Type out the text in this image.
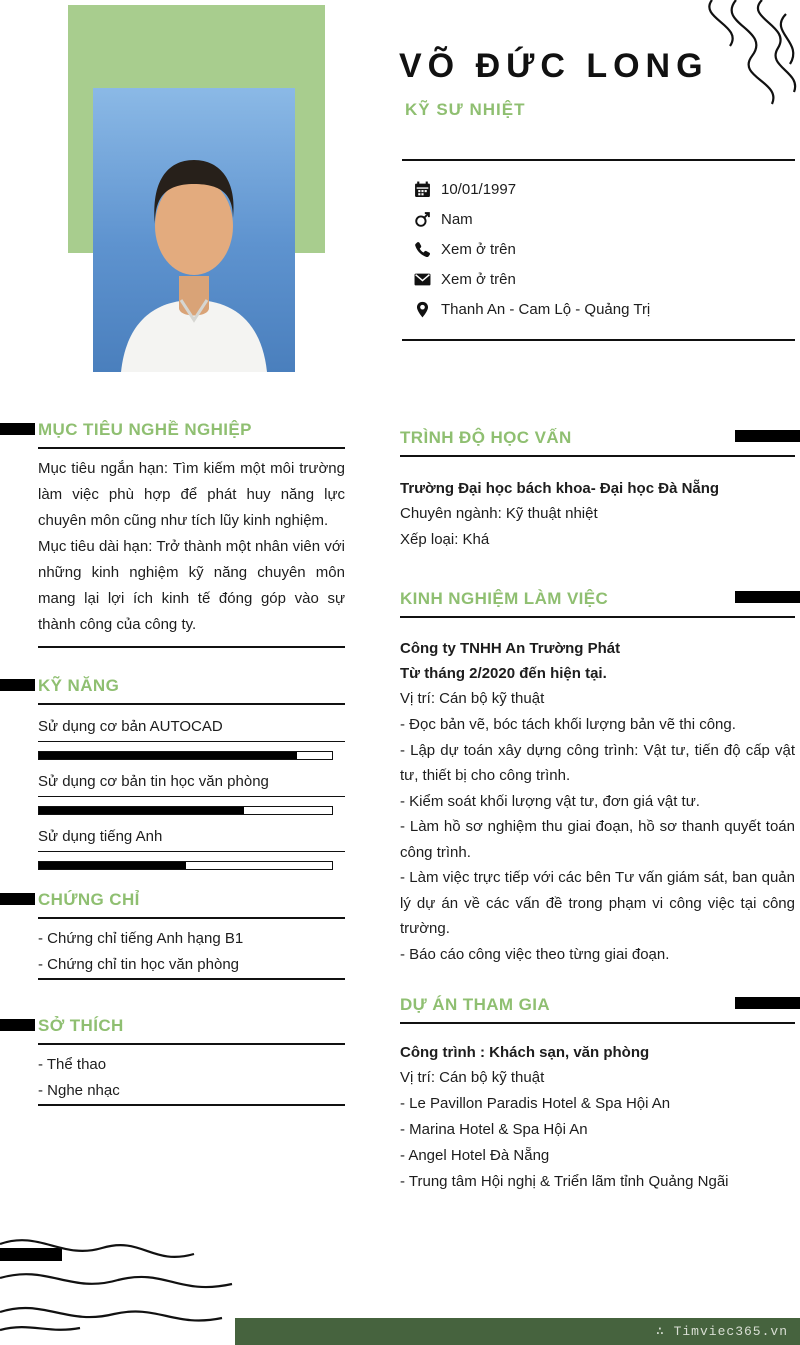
VÕ ĐỨC LONG
KỸ SƯ NHIỆT
10/01/1997
Nam
Xem ở trên
Xem ở trên
Thanh An - Cam Lộ - Quảng Trị
MỤC TIÊU NGHỀ NGHIỆP

Mục tiêu ngắn hạn: Tìm kiếm một môi trường làm việc phù hợp để phát huy năng lực chuyên môn cũng như tích lũy kinh nghiệm.

Mục tiêu dài hạn: Trở thành một nhân viên với những kinh nghiệm kỹ năng chuyên môn mang lại lợi ích kinh tế đóng góp vào sự thành công của công ty.

KỸ NĂNG
Sử dụng cơ bản AUTOCAD
Sử dụng cơ bản tin học văn phòng
Sử dụng tiếng Anh
CHỨNG CHỈ
- Chứng chỉ tiếng Anh hạng B1
- Chứng chỉ tin học văn phòng
SỞ THÍCH
- Thể thao
- Nghe nhạc
TRÌNH ĐỘ HỌC VẤN
Trường Đại học bách khoa- Đại học Đà Nẵng
Chuyên ngành: Kỹ thuật nhiệt
Xếp loại: Khá
KINH NGHIỆM LÀM VIỆC
Công ty TNHH An Trường Phát
Từ tháng 2/2020 đến hiện tại.
Vị trí: Cán bộ kỹ thuật
- Đọc bản vẽ, bóc tách khối lượng bản vẽ thi công.
- Lập dự toán xây dựng công trình: Vật tư, tiến độ cấp vật tư, thiết bị cho công trình.
- Kiểm soát khối lượng vật tư, đơn giá vật tư.
- Làm hồ sơ nghiệm thu giai đoạn, hồ sơ thanh quyết toán công trình.
- Làm việc trực tiếp với các bên Tư vấn giám sát, ban quản lý dự án về các vấn đề trong phạm vi công việc tại công trường.
- Báo cáo công việc theo từng giai đoạn.
DỰ ÁN THAM GIA
Công trình : Khách sạn, văn phòng
Vị trí: Cán bộ kỹ thuật
- Le Pavillon Paradis Hotel & Spa Hội An
- Marina Hotel & Spa Hội An
- Angel Hotel Đà Nẵng
- Trung tâm Hội nghị & Triển lãm tỉnh Quảng Ngãi
∴ Timviec365.vn
